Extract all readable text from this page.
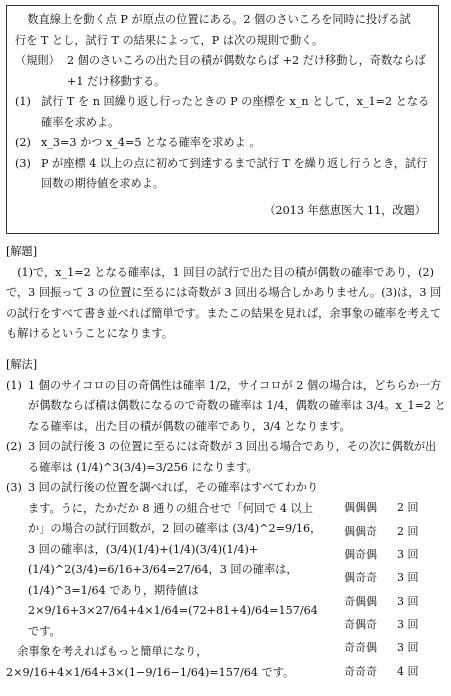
数直線上を動く点 P が原点の位置にある。2 個のさいころを同時に投げる試

行を T とし，試行 T の結果によって，P は次の規則で動く。

（規則） 2 個のさいころの出た目の積が偶数ならば +2 だけ移動し，奇数ならば +1 だけ移動する。
(1) 試行 T を n 回繰り返し行ったときの P の座標を x_n として，x_1=2 となる確率を求めよ。
(2) x_3=3 かつ x_4=5 となる確率を求めよ 。
(3) P が座標 4 以上の点に初めて到達するまで試行 T を繰り返し行うとき，試行回数の期待値を求めよ。

（2013 年慈恵医大 11，改題）

[解題]

(1)で，x_1=2 となる確率は，1 回目の試行で出た目の積が偶数の確率であり，(2)で，3 回振って 3 の位置に至るには奇数が 3 回出る場合しかありません。(3)は，3 回の試行をすべて書き並べれば簡単です。またこの結果を見れば，余事象の確率を考えても解けるということになります。

[解法]

(1) 1 個のサイコロの目の奇偶性は確率 1/2，サイコロが 2 個の場合は，どちらか一方が偶数ならば積は偶数になるので奇数の確率は 1/4，偶数の確率は 3/4。x_1=2 となる確率は，出た目の積が偶数の確率であり，3/4 となります。
(2) 3 回の試行後 3 の位置に至るには奇数が 3 回出る場合であり，その次に偶数が出る確率は (1/4)^3(3/4)=3/256 になります。
(3) 3 回の試行後の位置を調べれば，その確率はすべてわかります。うに，たかだか 8 通りの組合せで「何回で 4 以上か」の場合の試行回数が，2 回の確率は (3/4)^2=9/16，3 回の確率は，(3/4)(1/4)+(1/4)(3/4)(1/4)+(1/4)^2(3/4)=6/16+3/64=27/64，3 回の確率は，(1/4)^3=1/64 であり，期待値は 2×9/16+3×27/64+4×1/64=(72+81+4)/64=157/64 です。

余事象を考えればもっと簡単になり，2×9/16+4×1/64+3×(1−9/16−1/64)=157/64 です。

偶偶偶	2 回
偶偶奇	2 回
偶奇偶	3 回
偶奇奇	3 回
奇偶偶	3 回
奇偶奇	3 回
奇奇偶	3 回
奇奇奇	4 回
